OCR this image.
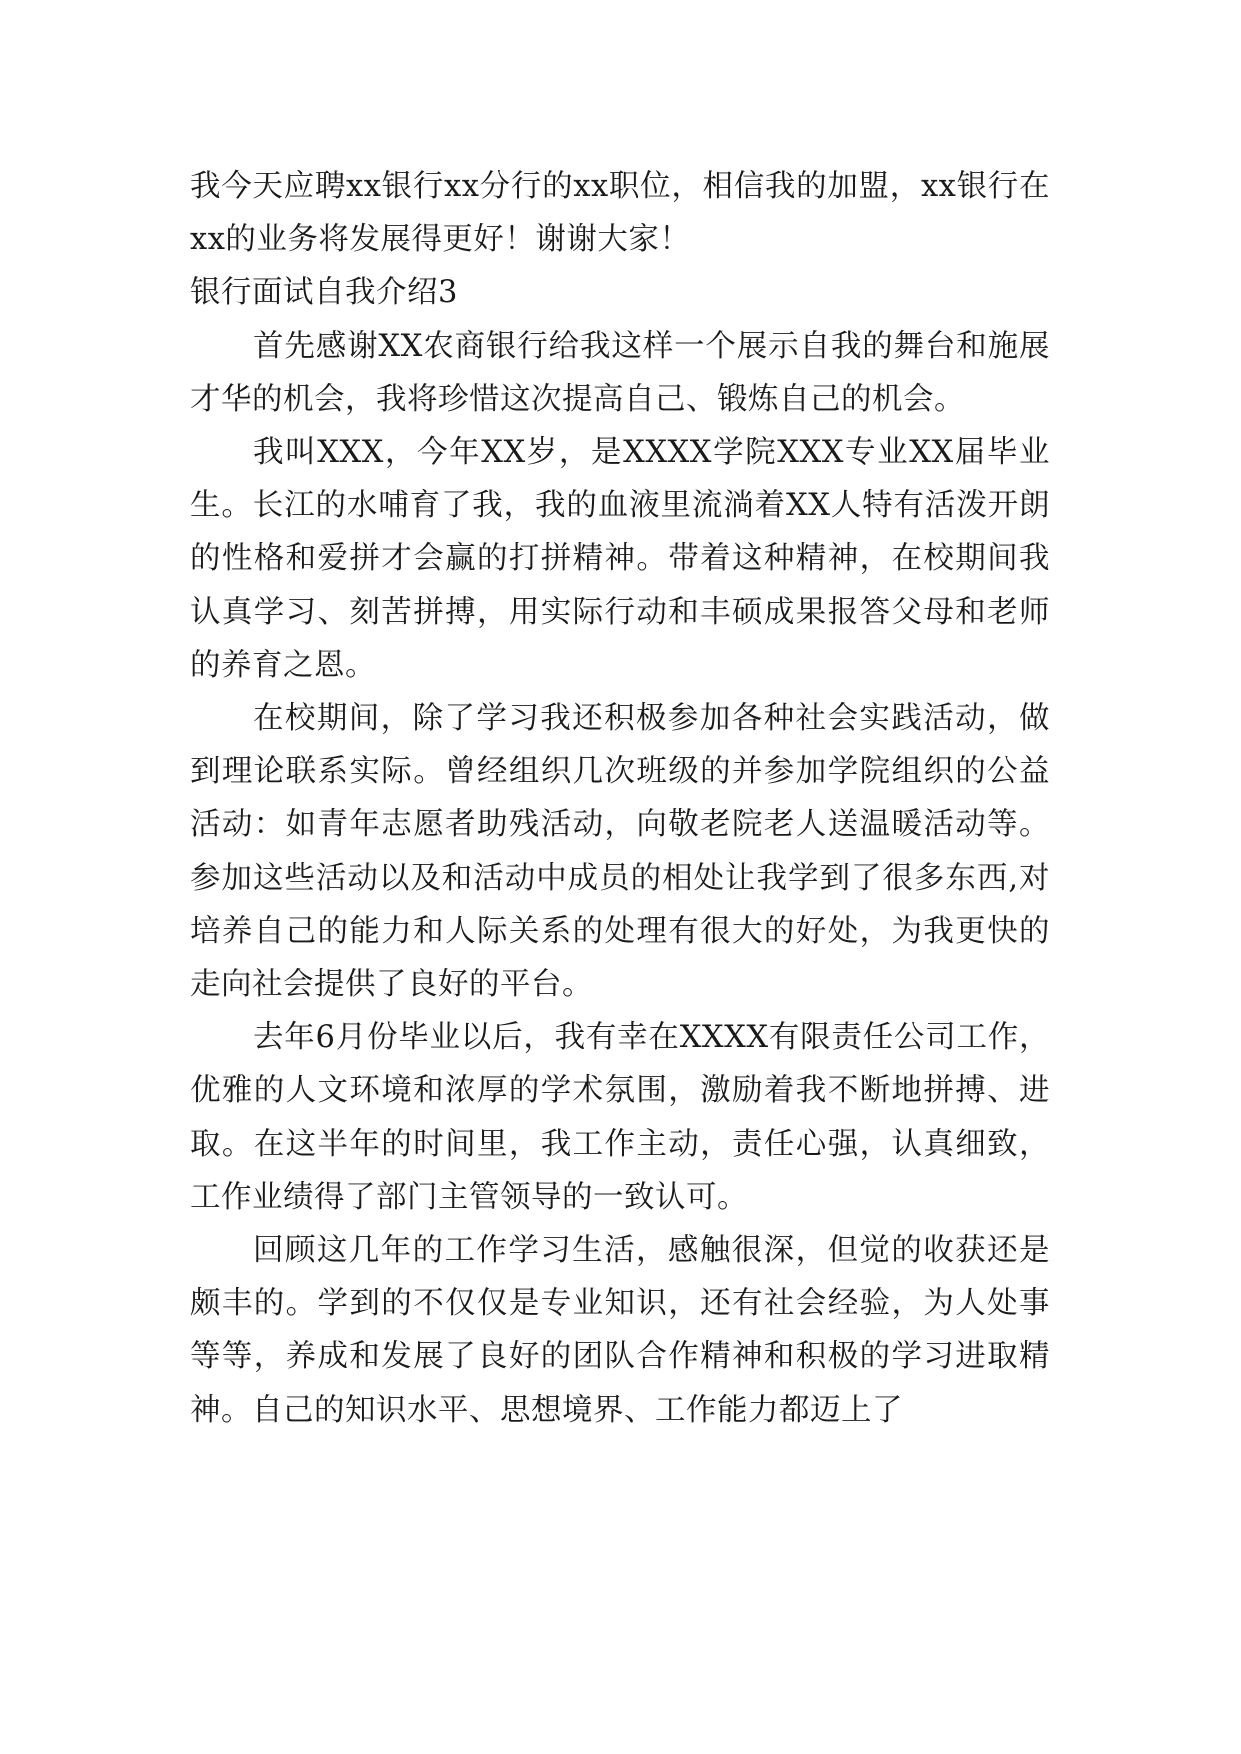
我今天应聘xx银行xx分行的xx职位，相信我的加盟，xx银行在xx的业务将发展得更好！谢谢大家！

银行面试自我介绍3

首先感谢XX农商银行给我这样一个展示自我的舞台和施展才华的机会，我将珍惜这次提高自己、锻炼自己的机会。

我叫XXX，今年XX岁，是XXXX学院XXX专业XX届毕业生。长江的水哺育了我，我的血液里流淌着XX人特有活泼开朗的性格和爱拼才会赢的打拼精神。带着这种精神，在校期间我认真学习、刻苦拼搏，用实际行动和丰硕成果报答父母和老师的养育之恩。

在校期间，除了学习我还积极参加各种社会实践活动，做到理论联系实际。曾经组织几次班级的并参加学院组织的公益活动：如青年志愿者助残活动，向敬老院老人送温暖活动等。参加这些活动以及和活动中成员的相处让我学到了很多东西,对培养自己的能力和人际关系的处理有很大的好处，为我更快的走向社会提供了良好的平台。

去年6月份毕业以后，我有幸在XXXX有限责任公司工作，优雅的人文环境和浓厚的学术氛围，激励着我不断地拼搏、进取。在这半年的时间里，我工作主动，责任心强，认真细致，工作业绩得了部门主管领导的一致认可。

回顾这几年的工作学习生活，感触很深，但觉的收获还是颇丰的。学到的不仅仅是专业知识，还有社会经验，为人处事等等，养成和发展了良好的团队合作精神和积极的学习进取精神。自己的知识水平、思想境界、工作能力都迈上了
